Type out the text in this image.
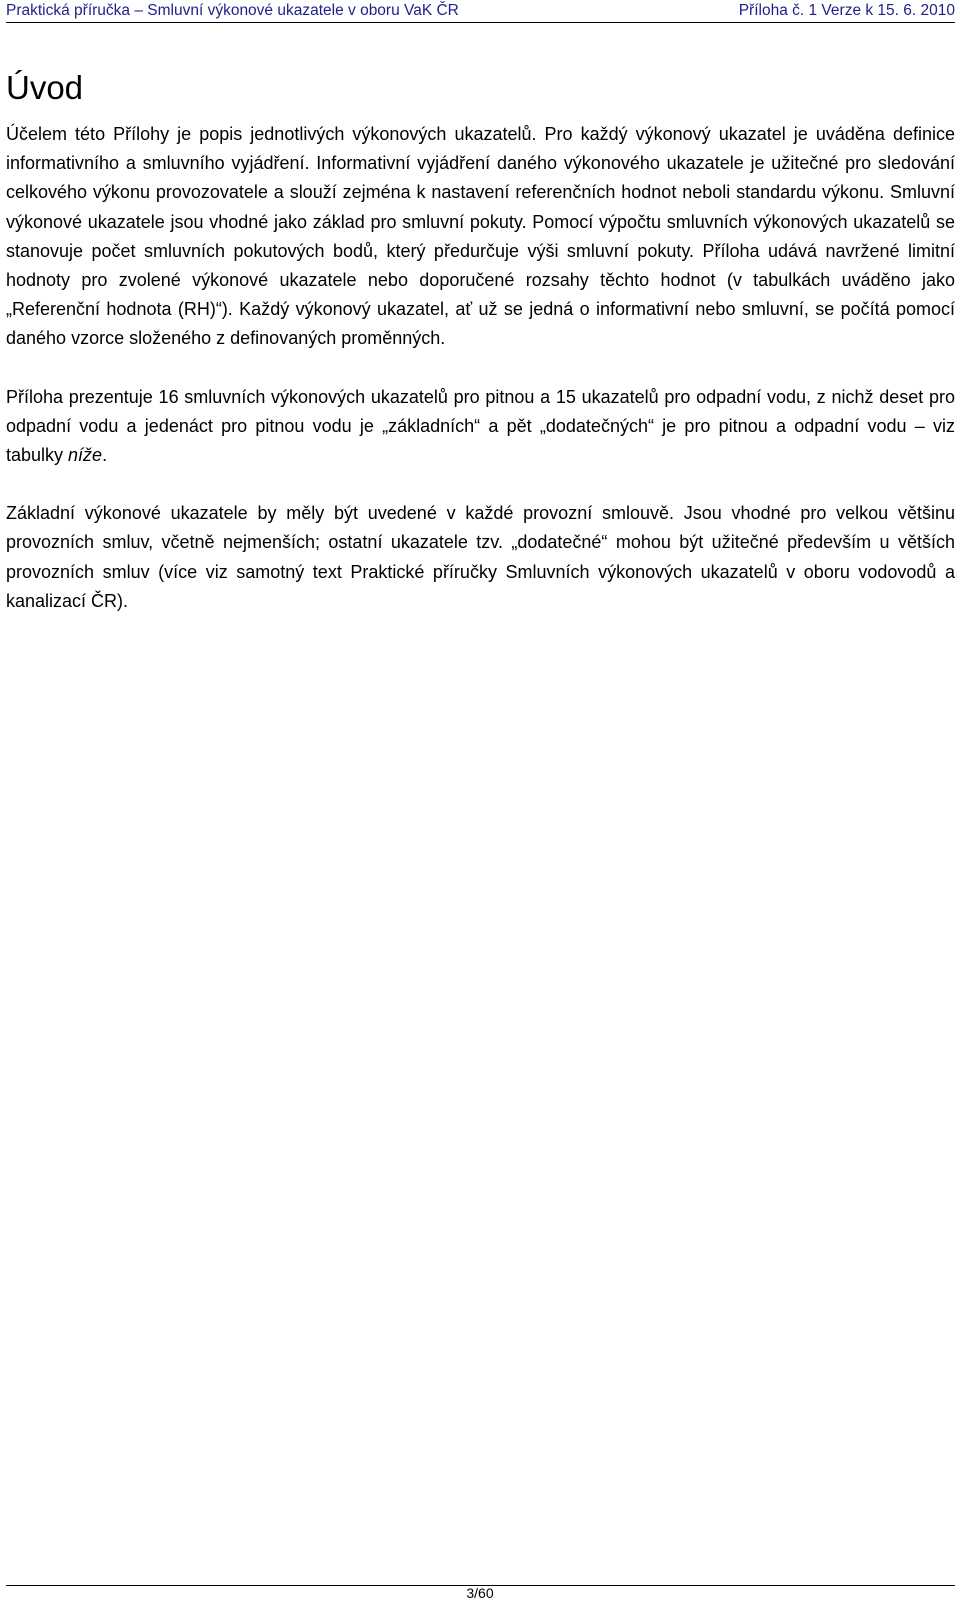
Praktická příručka – Smluvní výkonové ukazatele v oboru VaK ČR	Příloha č. 1 Verze k 15. 6. 2010
Úvod

Účelem této Přílohy je popis jednotlivých výkonových ukazatelů. Pro každý výkonový ukazatel je uváděna definice informativního a smluvního vyjádření. Informativní vyjádření daného výkonového ukazatele je užitečné pro sledování celkového výkonu provozovatele a slouží zejména k nastavení referenčních hodnot neboli standardu výkonu. Smluvní výkonové ukazatele jsou vhodné jako základ pro smluvní pokuty. Pomocí výpočtu smluvních výkonových ukazatelů se stanovuje počet smluvních pokutových bodů, který předurčuje výši smluvní pokuty. Příloha udává navržené limitní hodnoty pro zvolené výkonové ukazatele nebo doporučené rozsahy těchto hodnot (v tabulkách uváděno jako „Referenční hodnota (RH)“). Každý výkonový ukazatel, ať už se jedná o informativní nebo smluvní, se počítá pomocí daného vzorce složeného z definovaných proměnných.

Příloha prezentuje 16 smluvních výkonových ukazatelů pro pitnou a 15 ukazatelů pro odpadní vodu, z nichž deset pro odpadní vodu a jedenáct pro pitnou vodu je „základních“ a pět „dodatečných“ je pro pitnou a odpadní vodu – viz tabulky níže.

Základní výkonové ukazatele by měly být uvedené v každé provozní smlouvě. Jsou vhodné pro velkou většinu provozních smluv, včetně nejmenších; ostatní ukazatele tzv. „dodatečné“ mohou být užitečné především u větších provozních smluv (více viz samotný text Praktické příručky Smluvních výkonových ukazatelů v oboru vodovodů a kanalizací ČR).

3/60
